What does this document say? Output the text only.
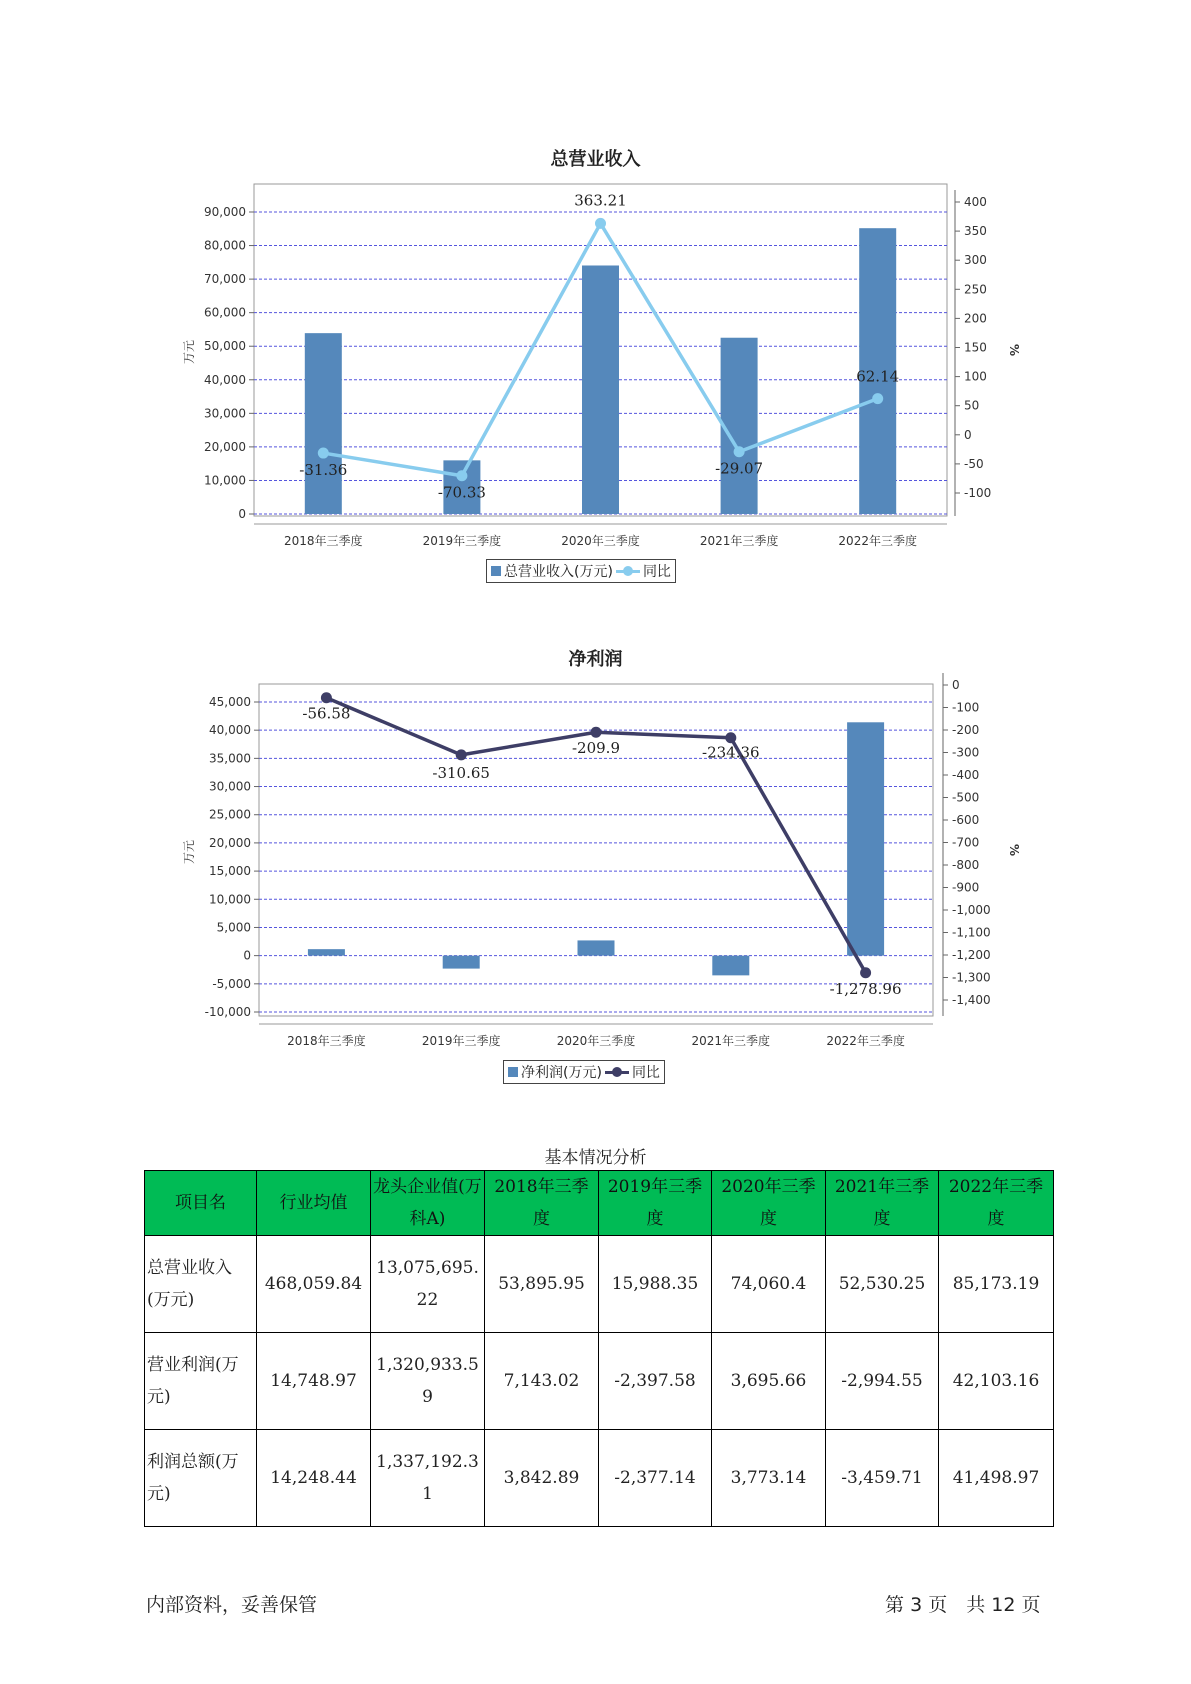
总营业收入
0
10,000
20,000
30,000
40,000
50,000
60,000
70,000
80,000
90,000
-100
-50
0
50
100
150
200
250
300
350
400
万元	%
2018年三季度	2019年三季度	2020年三季度	2021年三季度	2022年三季度
-31.36
-70.33
363.21
-29.07
62.14
总营业收入(万元) 同比
净利润
-10,000
-5,000
0
5,000
10,000
15,000
20,000
25,000
30,000
35,000
40,000
45,000
0
-100
-200
-300
-400
-500
-600
-700
-800
-900
-1,000
-1,100
-1,200
-1,300
-1,400
万元	%
2018年三季度	2019年三季度	2020年三季度	2021年三季度	2022年三季度
-56.58
-310.65
-209.9	-234.36
-1,278.96
净利润(万元) 同比
基本情况分析
项目名	行业均值	龙头企业值(万科A)	2018年三季度	2019年三季度	2020年三季度	2021年三季度	2022年三季度
总营业收入(万元)	468,059.84	13,075,695.22	53,895.95	15,988.35	74,060.4	52,530.25	85,173.19
营业利润(万元)	14,748.97	1,320,933.59	7,143.02	-2,397.58	3,695.66	-2,994.55	42,103.16
利润总额(万元)	14,248.44	1,337,192.31	3,842.89	-2,377.14	3,773.14	-3,459.71	41,498.97
内部资料，妥善保管	第 3 页　共 12 页
